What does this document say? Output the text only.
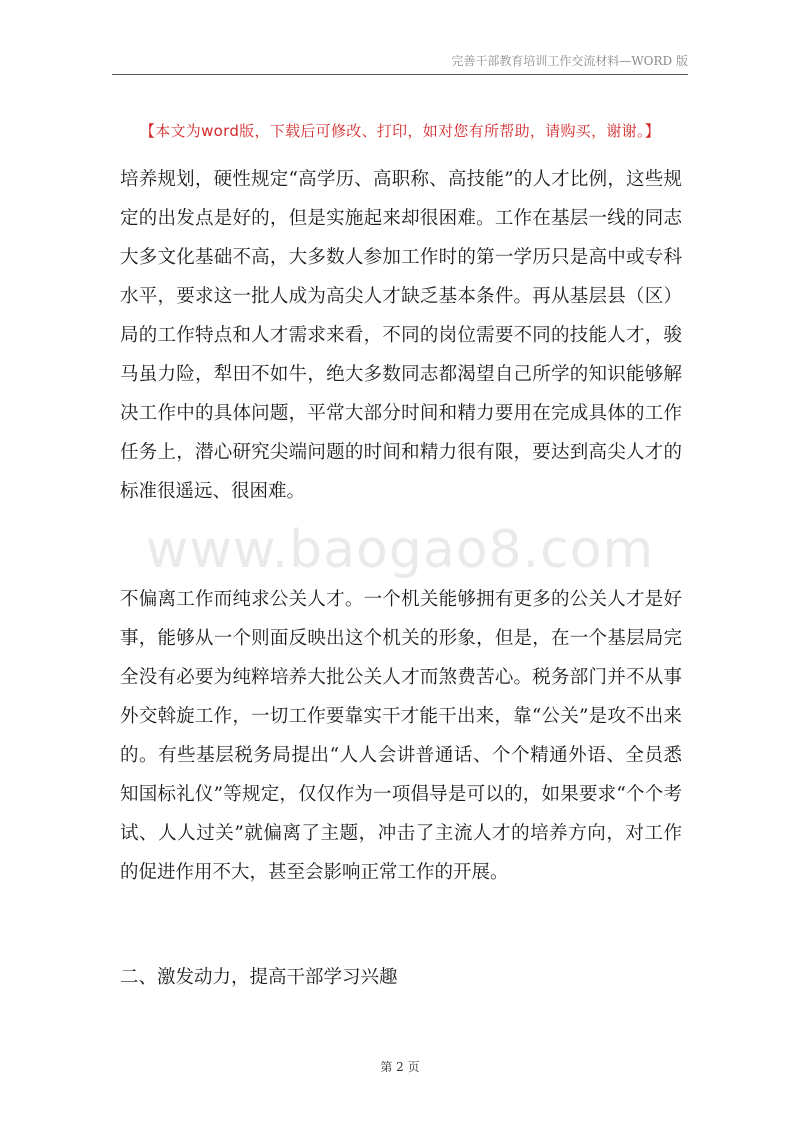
完善干部教育培训工作交流材料—WORD 版
【本文为word版，下载后可修改、打印，如对您有所帮助，请购买，谢谢。】

培养规划，硬性规定“高学历、高职称、高技能”的人才比例，这些规定的出发点是好的，但是实施起来却很困难。工作在基层一线的同志大多文化基础不高，大多数人参加工作时的第一学历只是高中或专科水平，要求这一批人成为高尖人才缺乏基本条件。再从基层县（区）局的工作特点和人才需求来看，不同的岗位需要不同的技能人才，骏马虽力险，犁田不如牛，绝大多数同志都渴望自己所学的知识能够解决工作中的具体问题，平常大部分时间和精力要用在完成具体的工作任务上，潜心研究尖端问题的时间和精力很有限，要达到高尖人才的标准很遥远、很困难。

www.baogao8.com

不偏离工作而纯求公关人才。一个机关能够拥有更多的公关人才是好事，能够从一个则面反映出这个机关的形象，但是，在一个基层局完全没有必要为纯粹培养大批公关人才而煞费苦心。税务部门并不从事外交斡旋工作，一切工作要靠实干才能干出来，靠“公关”是攻不出来的。有些基层税务局提出“人人会讲普通话、个个精通外语、全员悉知国标礼仪”等规定，仅仅作为一项倡导是可以的，如果要求“个个考试、人人过关”就偏离了主题，冲击了主流人才的培养方向，对工作的促进作用不大，甚至会影响正常工作的开展。

二、激发动力，提高干部学习兴趣
第 2 页
